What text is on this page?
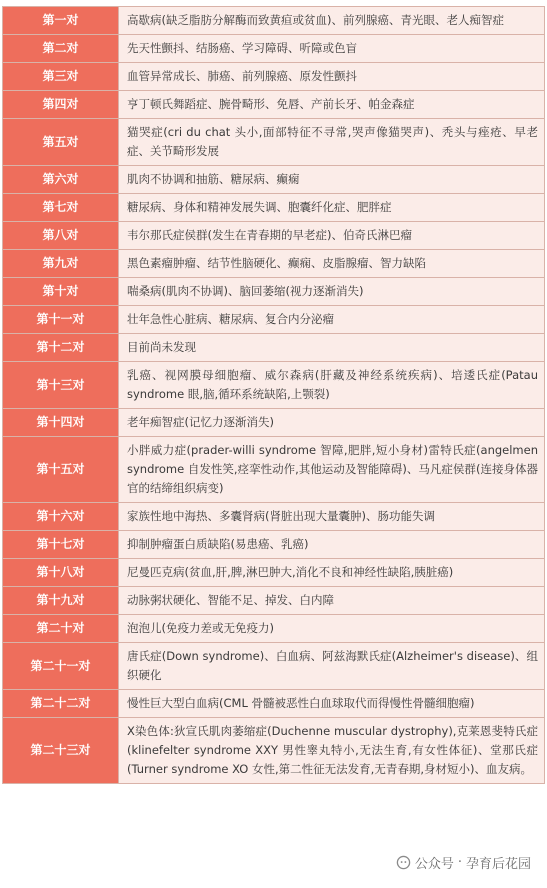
第一对	高歇病(缺乏脂肪分解酶而致黄疸或贫血)、前列腺癌、青光眼、老人痴智症
第二对	先天性颤抖、结肠癌、学习障碍、听障或色盲
第三对	血管异常成长、肺癌、前列腺癌、原发性颤抖
第四对	亨丁顿氏舞蹈症、腕骨畸形、免唇、产前长牙、帕金森症
第五对	猫哭症(cri du chat 头小,面部特征不寻常,哭声像猫哭声)、秃头与痤疮、早老症、关节畸形发展
第六对	肌肉不协调和抽筋、糖尿病、癫痫
第七对	糖尿病、身体和精神发展失调、胞囊纤化症、肥胖症
第八对	韦尔那氏症侯群(发生在青春期的早老症)、伯奇氏淋巴瘤
第九对	黑色素瘤肿瘤、结节性脑硬化、癫痫、皮脂腺瘤、智力缺陷
第十对	喘桑病(肌肉不协调)、脑回萎缩(视力逐渐消失)
第十一对	壮年急性心脏病、糖尿病、复合内分泌瘤
第十二对	目前尚未发现
第十三对	乳癌、视网膜母细胞瘤、威尔森病(肝藏及神经系统疾病)、培逶氏症(Patau syndrome 眼,脑,循环系统缺陷,上颚裂)
第十四对	老年痴智症(记忆力逐渐消失)
第十五对	小胖威力症(prader-willi syndrome 智障,肥胖,短小身材)雷特氏症(angelmen syndrome 自发性笑,痉挛性动作,其他运动及智能障碍)、马凡症侯群(连接身体器官的结缔组织病变)
第十六对	家族性地中海热、多囊肾病(肾脏出现大量囊肿)、肠功能失调
第十七对	抑制肿瘤蛋白质缺陷(易患癌、乳癌)
第十八对	尼曼匹克病(贫血,肝,脾,淋巴肿大,消化不良和神经性缺陷,胰脏癌)
第十九对	动脉粥状硬化、智能不足、掉发、白内障
第二十对	泡泡儿(免疫力差或无免疫力)
第二十一对	唐氏症(Down syndrome)、白血病、阿兹海默氏症(Alzheimer's disease)、组织硬化
第二十二对	慢性巨大型白血病(CML 骨髓被恶性白血球取代而得慢性骨髓细胞瘤)
第二十三对	X染色体:狄宣氏肌肉萎缩症(Duchenne muscular dystrophy),克莱恩斐特氏症(klinefelter syndrome XXY 男性睾丸特小,无法生育,有女性体征)、堂那氏症(Turner syndrome XO 女性,第二性征无法发育,无青春期,身材短小)、血友病。
公众号 · 孕育后花园
